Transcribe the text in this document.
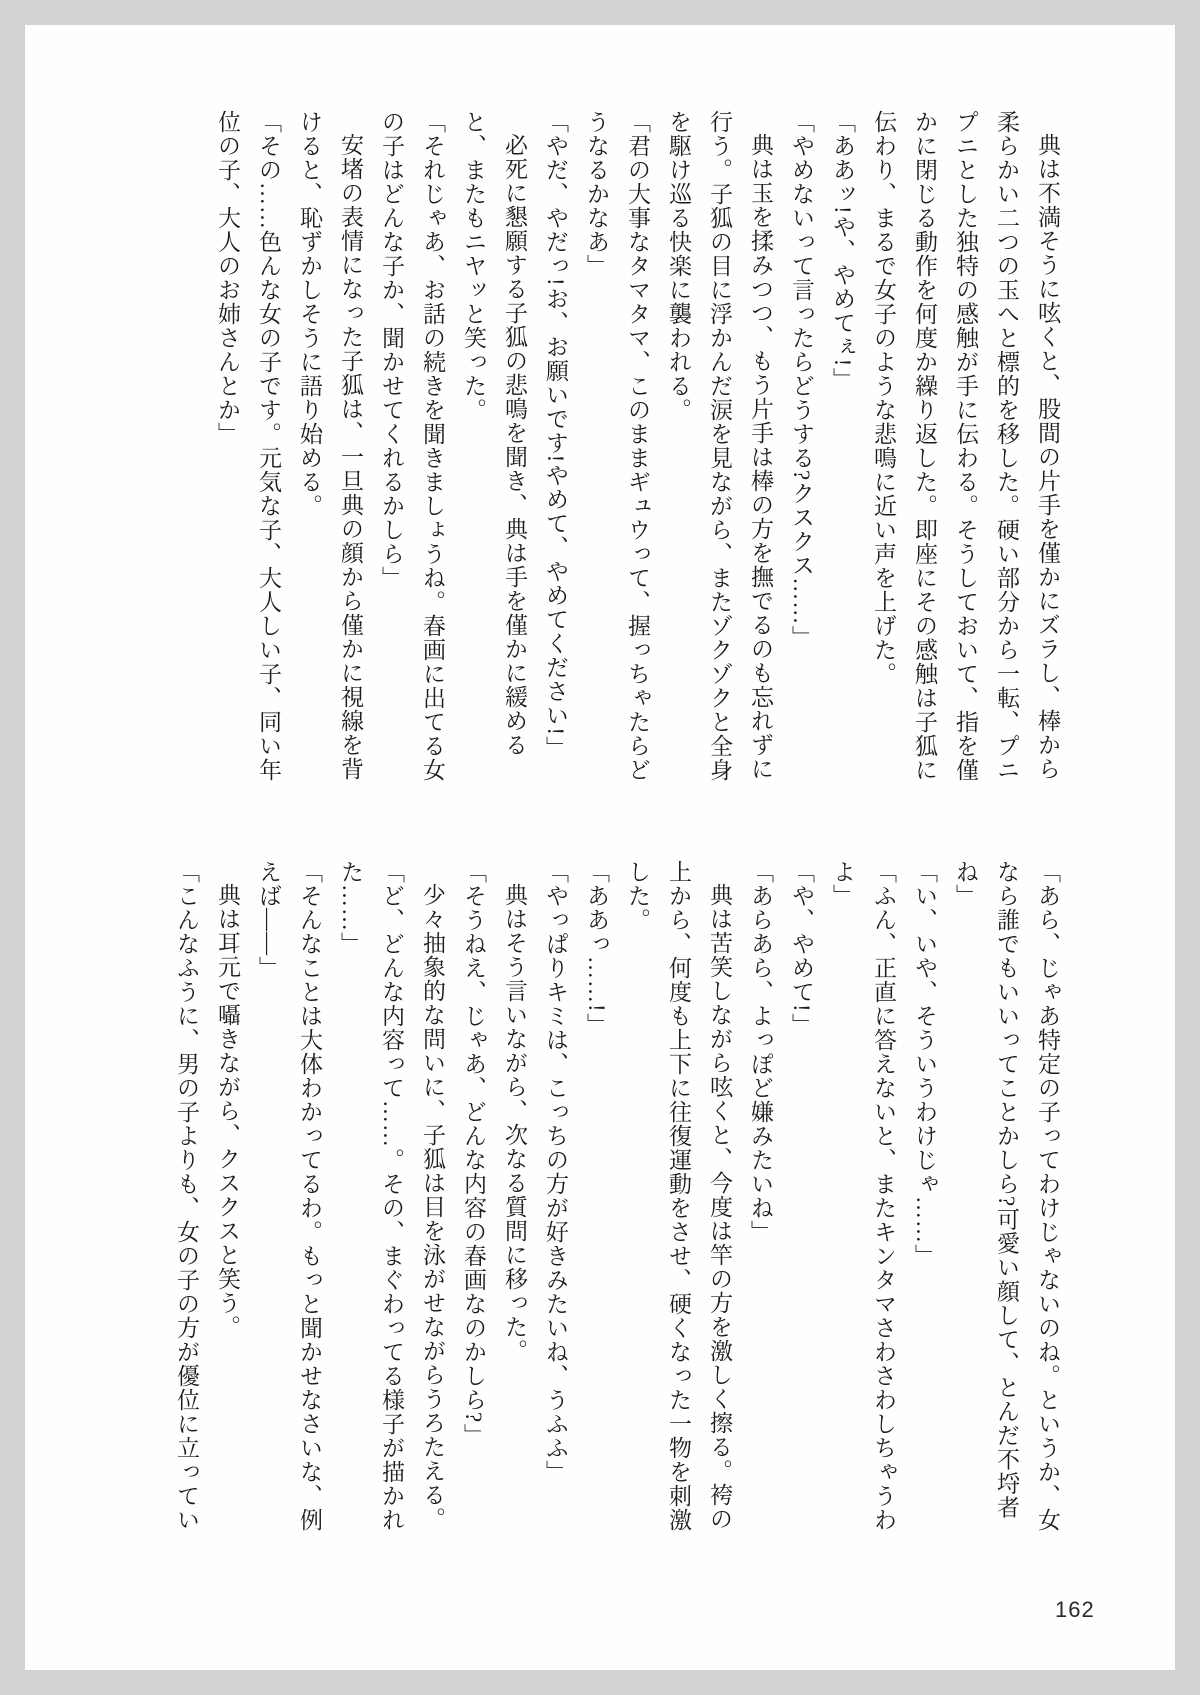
典は不満そうに呟くと、股間の片手を僅かにズラし、棒から柔らかい二つの玉へと標的を移した。硬い部分から一転、プニプニとした独特の感触が手に伝わる。そうしておいて、指を僅かに閉じる動作を何度か繰り返した。即座にその感触は子狐に伝わり、まるで女子のような悲鳴に近い声を上げた。

「ああッ!や、やめてぇ!」

「やめないって言ったらどうする?クスクス……」

典は玉を揉みつつ、もう片手は棒の方を撫でるのも忘れずに行う。子狐の目に浮かんだ涙を見ながら、またゾクゾクと全身を駆け巡る快楽に襲われる。

「君の大事なタマタマ、このままギュウって、握っちゃたらどうなるかなあ」

「やだ、やだっ!お、お願いです!やめて、やめてください!」

必死に懇願する子狐の悲鳴を聞き、典は手を僅かに緩めると、またもニヤッと笑った。

「それじゃあ、お話の続きを聞きましょうね。春画に出てる女の子はどんな子か、聞かせてくれるかしら」

安堵の表情になった子狐は、一旦典の顔から僅かに視線を背けると、恥ずかしそうに語り始める。

「その……色んな女の子です。元気な子、大人しい子、同い年位の子、大人のお姉さんとか」

「あら、じゃあ特定の子ってわけじゃないのね。というか、女なら誰でもいいってことかしら?可愛い顔して、とんだ不埒者ね」

「い、いや、そういうわけじゃ……」

「ふん、正直に答えないと、またキンタマさわさわしちゃうわよ」

「や、やめて!」

「あらあら、よっぽど嫌みたいね」

典は苦笑しながら呟くと、今度は竿の方を激しく擦る。袴の上から、何度も上下に往復運動をさせ、硬くなった一物を刺激した。

「ああっ……!」

「やっぱりキミは、こっちの方が好きみたいね、うふふ」

典はそう言いながら、次なる質問に移った。

「そうねえ、じゃあ、どんな内容の春画なのかしら?」

少々抽象的な問いに、子狐は目を泳がせながらうろたえる。

「ど、どんな内容って……。その、まぐわってる様子が描かれた……」

「そんなことは大体わかってるわ。もっと聞かせなさいな、例えば――」

典は耳元で囁きながら、クスクスと笑う。

「こんなふうに、男の子よりも、女の子の方が優位に立ってい

162
